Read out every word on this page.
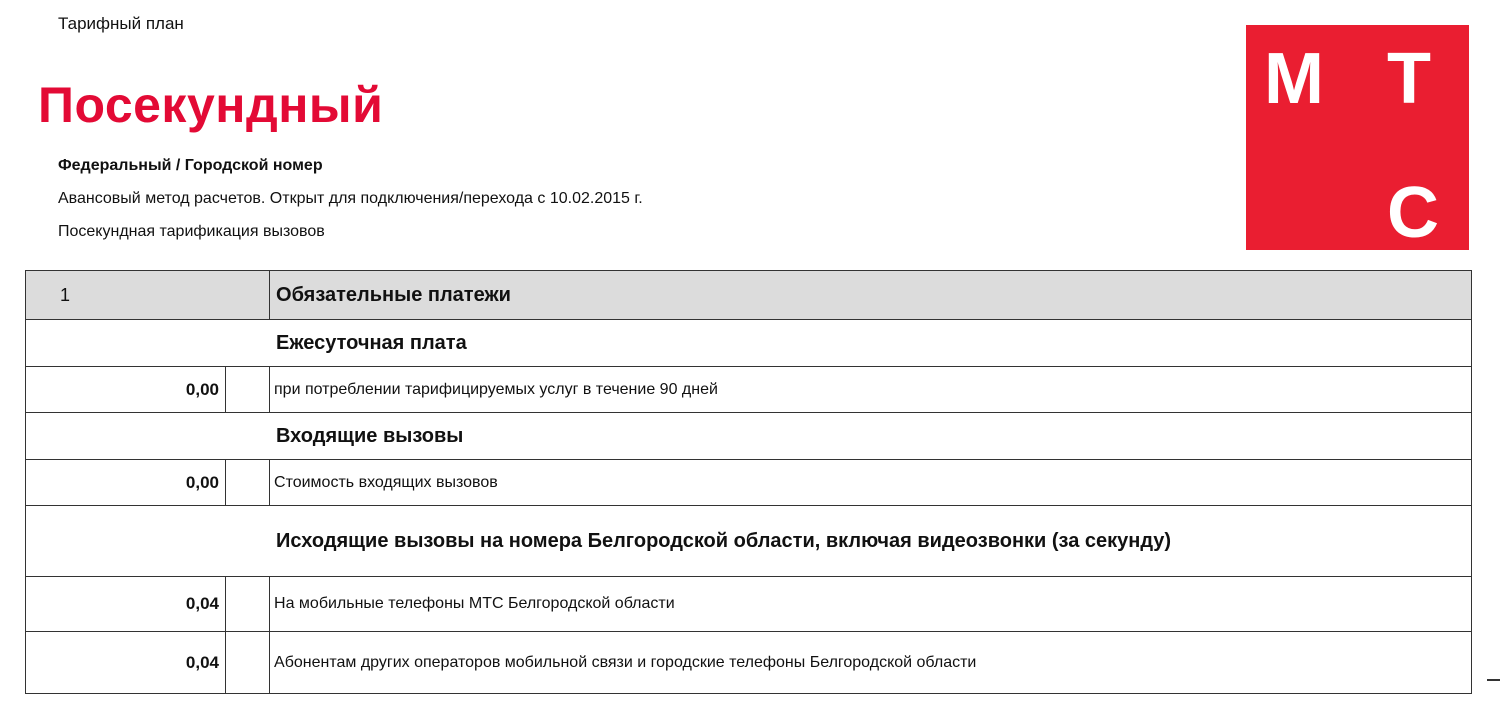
Тарифный план
Посекундный
Федеральный / Городской номер
Авансовый метод расчетов. Открыт для подключения/перехода с 10.02.2015 г.
Посекундная тарификация вызовов
М Т
С
1		Обязательные платежи
Ежесуточная плата		
0,00		при потреблении тарифицируемых услуг в течение 90 дней
Входящие вызовы		
0,00		Стоимость входящих вызовов
Исходящие вызовы на номера Белгородской области, включая видеозвонки (за секунду)		
0,04		На мобильные телефоны МТС Белгородской области
0,04		Абонентам других операторов мобильной связи и городские телефоны Белгородской области
